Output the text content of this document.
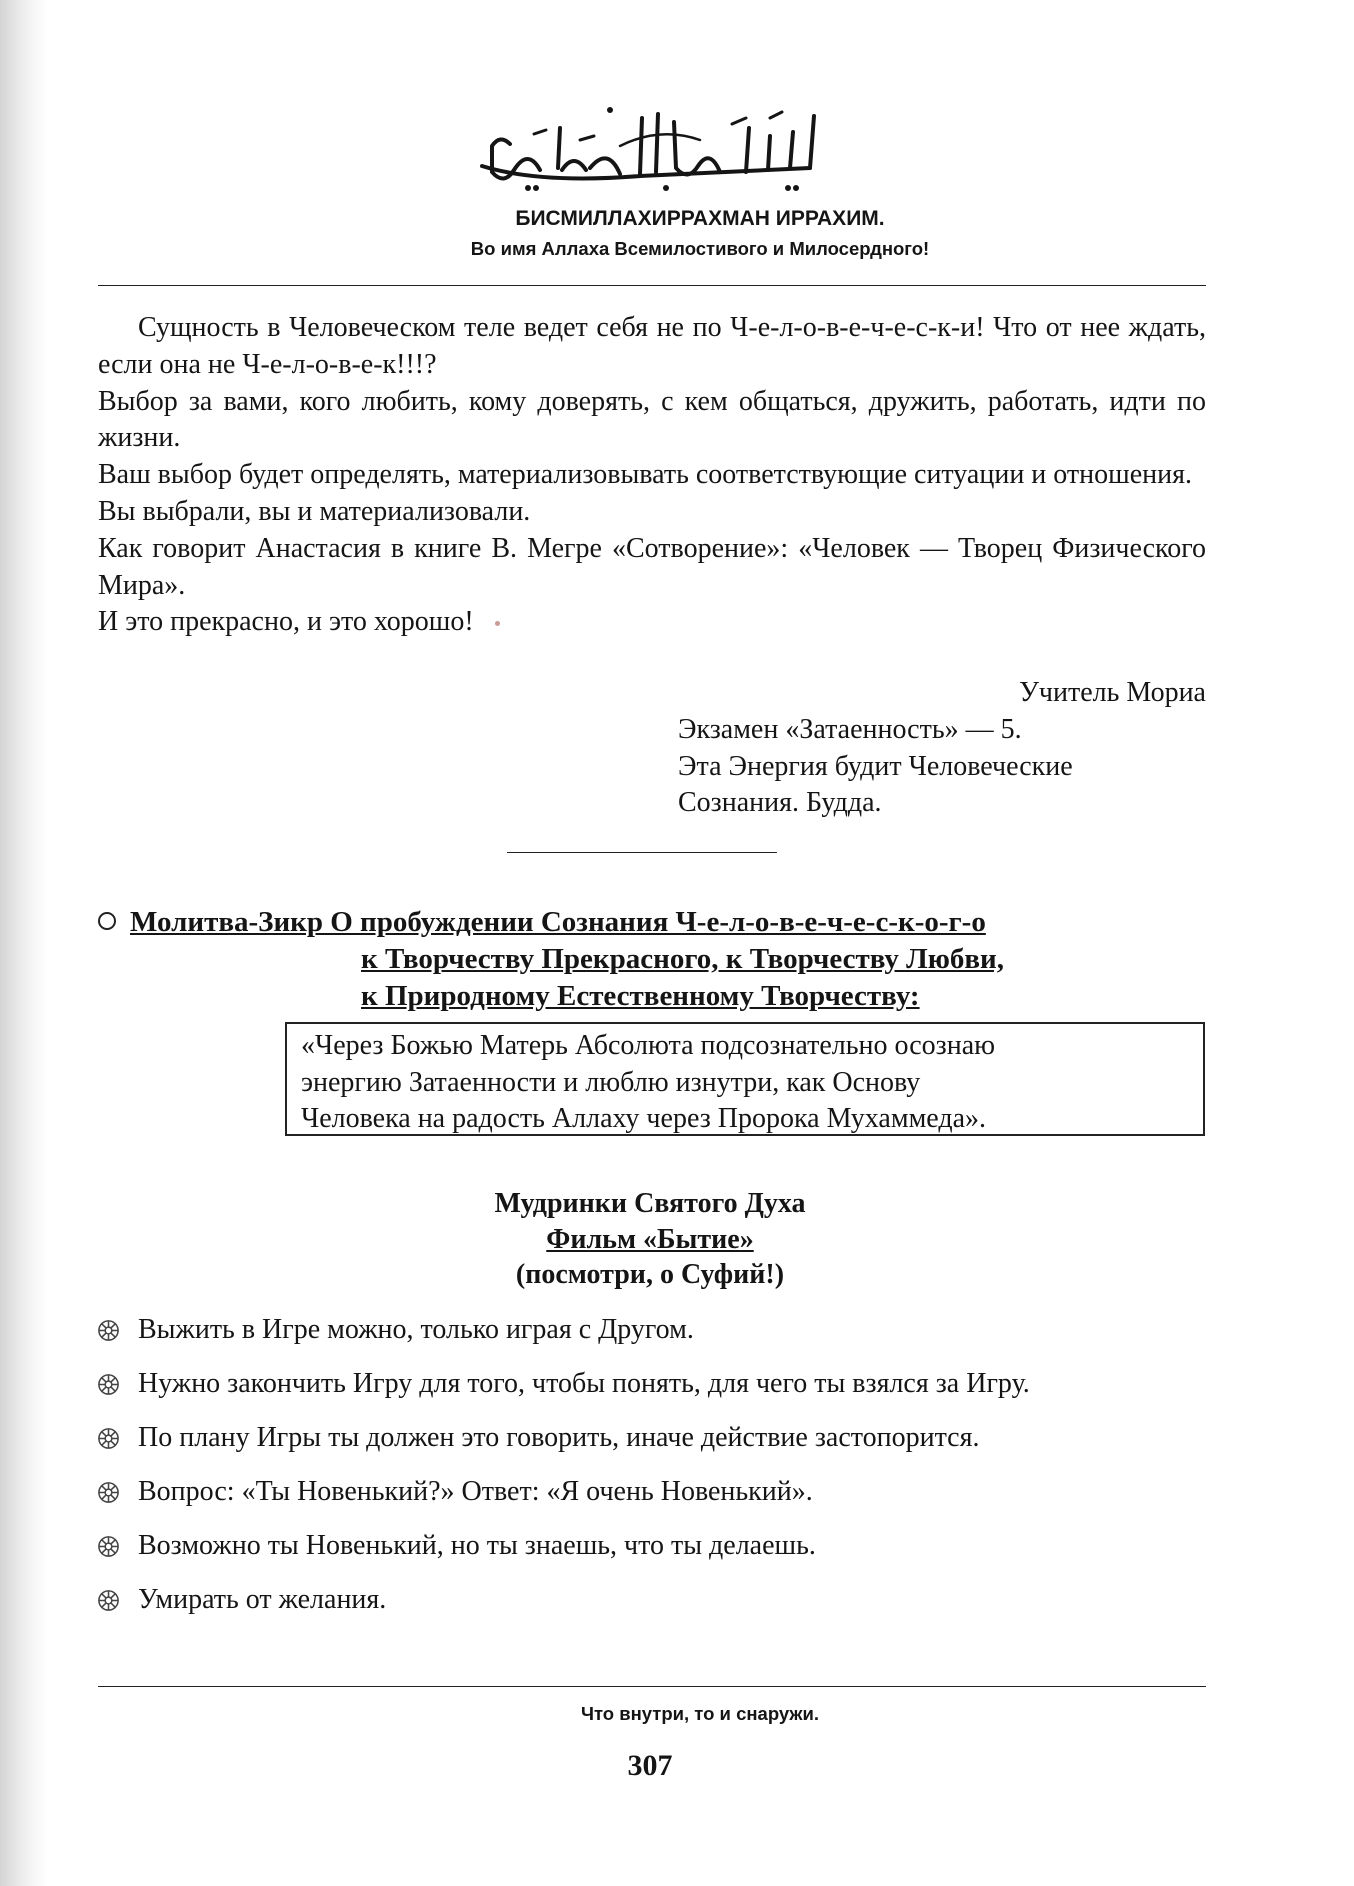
БИСМИЛЛАХИРРАХМАН ИРРАХИМ.

Во имя Аллаха Всемилостивого и Милосердного!

Сущность в Человеческом теле ведет себя не по Ч-е-л-о-в-е-ч-е-с-к-и! Что от нее ждать, если она не Ч-е-л-о-в-е-к!!!?

Выбор за вами, кого любить, кому доверять, с кем общаться, дружить, работать, идти по жизни.

Ваш выбор будет определять, материализовывать соответствующие ситуации и отношения.

Вы выбрали, вы и материализовали.

Как говорит Анастасия в книге В. Мегре «Сотворение»: «Человек — Творец Физического Мира».

И это прекрасно, и это хорошо!

Учитель Мориа

Экзамен «Затаенность» — 5.

Эта Энергия будит Человеческие

Сознания. Будда.

Молитва-Зикр О пробуждении Сознания Ч-е-л-о-в-е-ч-е-с-к-о-г-о
к Творчеству Прекрасного, к Творчеству Любви,
к Природному Естественному Творчеству:

«Через Божью Матерь Абсолюта подсознательно осознаю

энергию Затаенности и люблю изнутри, как Основу

Человека на радость Аллаху через Пророка Мухаммеда».

Мудринки Святого Духа

Фильм «Бытие»

(посмотри, о Суфий!)

Выжить в Игре можно, только играя с Другом.
Нужно закончить Игру для того, чтобы понять, для чего ты взялся за Игру.
По плану Игры ты должен это говорить, иначе действие застопорится.
Вопрос: «Ты Новенький?» Ответ: «Я очень Новенький».
Возможно ты Новенький, но ты знаешь, что ты делаешь.
Умирать от желания.

Что внутри, то и снаружи.

307
